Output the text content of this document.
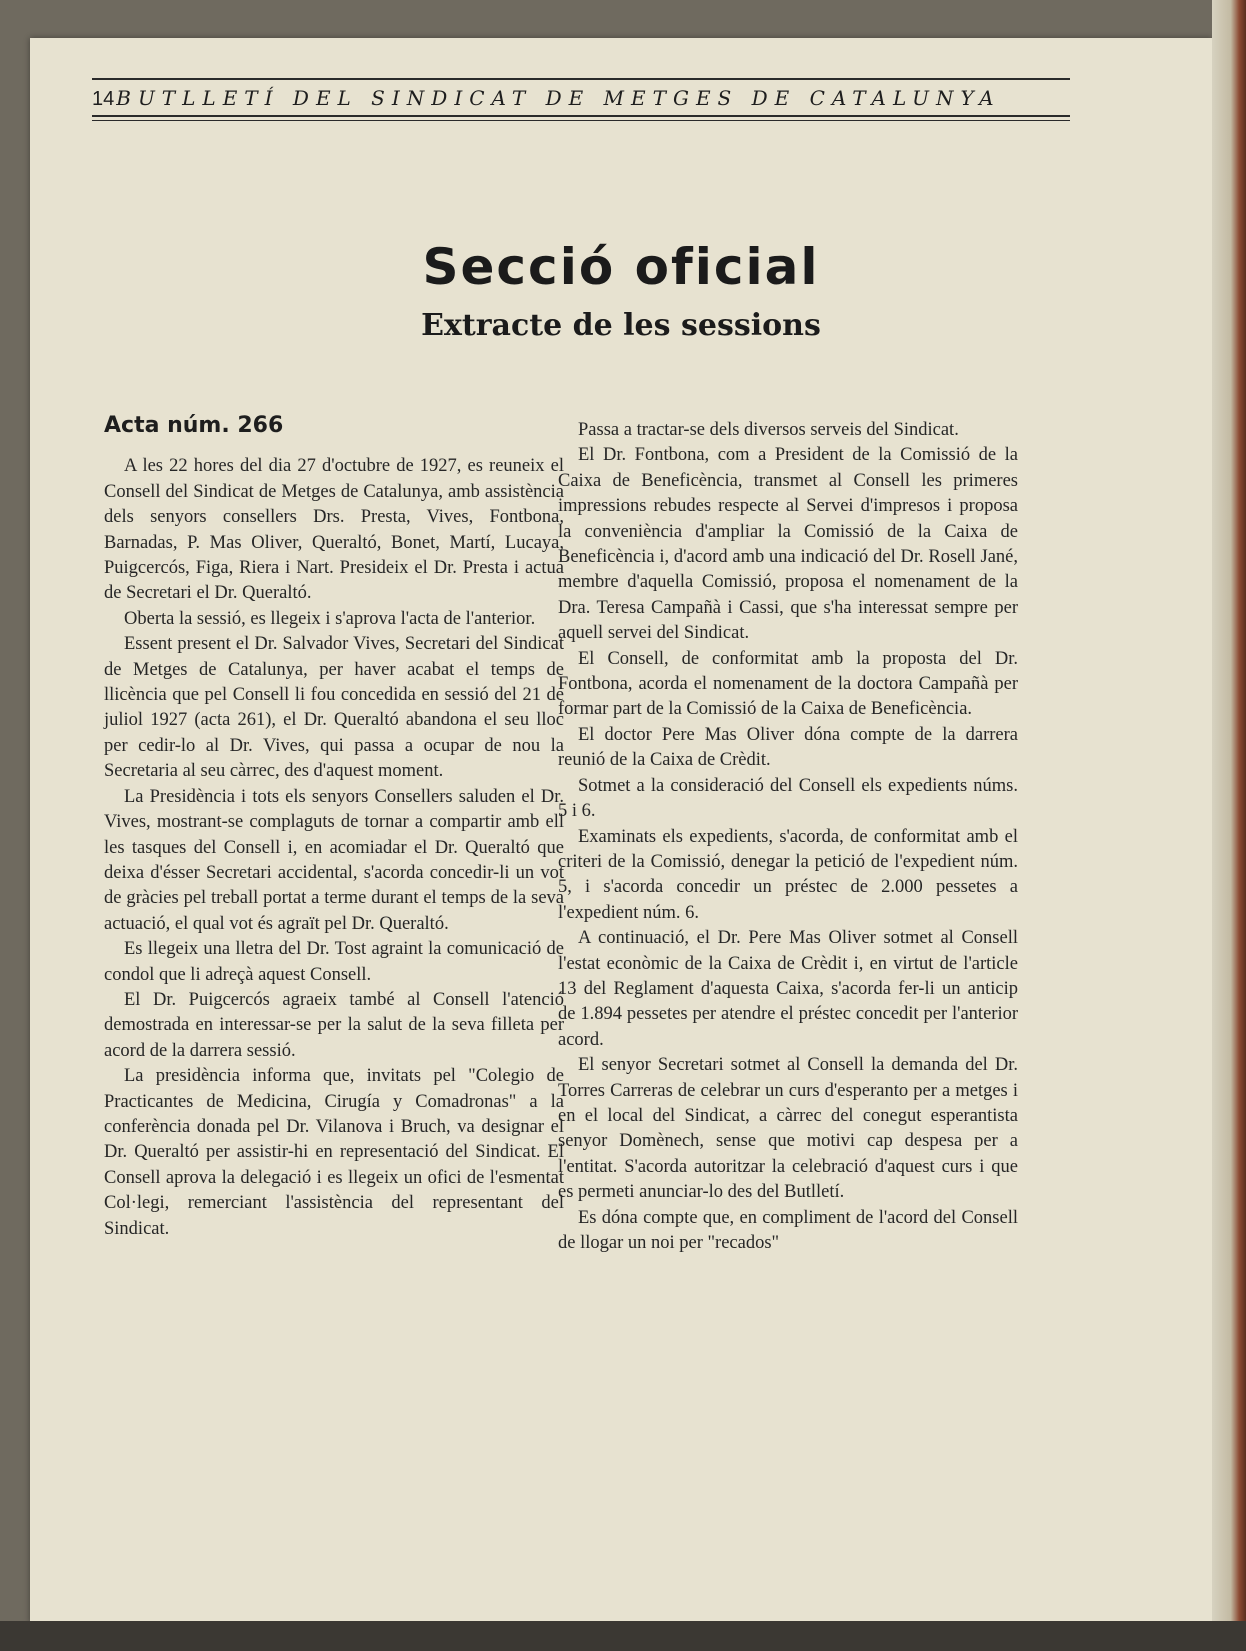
14 BUTLLETÍ DEL SINDICAT DE METGES DE CATALUNYA
Secció oficial
Extracte de les sessions
Acta núm. 266

A les 22 hores del dia 27 d'octubre de 1927, es reuneix el Consell del Sindicat de Metges de Catalunya, amb assistència dels senyors consellers Drs. Presta, Vives, Fontbona, Barnadas, P. Mas Oliver, Queraltó, Bonet, Martí, Lucaya, Puigcercós, Figa, Riera i Nart. Presideix el Dr. Presta i actua de Secretari el Dr. Queraltó.

Oberta la sessió, es llegeix i s'aprova l'acta de l'anterior.

Essent present el Dr. Salvador Vives, Secretari del Sindicat de Metges de Catalunya, per haver acabat el temps de llicència que pel Consell li fou concedida en sessió del 21 de juliol 1927 (acta 261), el Dr. Queraltó abandona el seu lloc per cedir-lo al Dr. Vives, qui passa a ocupar de nou la Secretaria al seu càrrec, des d'aquest moment.

La Presidència i tots els senyors Consellers saluden el Dr. Vives, mostrant-se complaguts de tornar a compartir amb ell les tasques del Consell i, en acomiadar el Dr. Queraltó que deixa d'ésser Secretari accidental, s'acorda concedir-li un vot de gràcies pel treball portat a terme durant el temps de la seva actuació, el qual vot és agraït pel Dr. Queraltó.

Es llegeix una lletra del Dr. Tost agraint la comunicació de condol que li adreçà aquest Consell.

El Dr. Puigcercós agraeix també al Consell l'atenció demostrada en interessar-se per la salut de la seva filleta per acord de la darrera sessió.

La presidència informa que, invitats pel "Colegio de Practicantes de Medicina, Cirugía y Comadronas" a la conferència donada pel Dr. Vilanova i Bruch, va designar el Dr. Queraltó per assistir-hi en representació del Sindicat. El Consell aprova la delegació i es llegeix un ofici de l'esmentat Col·legi, remerciant l'assistència del representant del Sindicat.

Passa a tractar-se dels diversos serveis del Sindicat.

El Dr. Fontbona, com a President de la Comissió de la Caixa de Beneficència, transmet al Consell les primeres impressions rebudes respecte al Servei d'impresos i proposa la conveniència d'ampliar la Comissió de la Caixa de Beneficència i, d'acord amb una indicació del Dr. Rosell Jané, membre d'aquella Comissió, proposa el nomenament de la Dra. Teresa Campañà i Cassi, que s'ha interessat sempre per aquell servei del Sindicat.

El Consell, de conformitat amb la proposta del Dr. Fontbona, acorda el nomenament de la doctora Campañà per formar part de la Comissió de la Caixa de Beneficència.

El doctor Pere Mas Oliver dóna compte de la darrera reunió de la Caixa de Crèdit.

Sotmet a la consideració del Consell els expedients núms. 5 i 6.

Examinats els expedients, s'acorda, de conformitat amb el criteri de la Comissió, denegar la petició de l'expedient núm. 5, i s'acorda concedir un préstec de 2.000 pessetes a l'expedient núm. 6.

A continuació, el Dr. Pere Mas Oliver sotmet al Consell l'estat econòmic de la Caixa de Crèdit i, en virtut de l'article 13 del Reglament d'aquesta Caixa, s'acorda fer-li un anticip de 1.894 pessetes per atendre el préstec concedit per l'anterior acord.

El senyor Secretari sotmet al Consell la demanda del Dr. Torres Carreras de celebrar un curs d'esperanto per a metges i en el local del Sindicat, a càrrec del conegut esperantista senyor Domènech, sense que motivi cap despesa per a l'entitat. S'acorda autoritzar la celebració d'aquest curs i que es permeti anunciar-lo des del Butlletí.

Es dóna compte que, en compliment de l'acord del Consell de llogar un noi per "recados"
